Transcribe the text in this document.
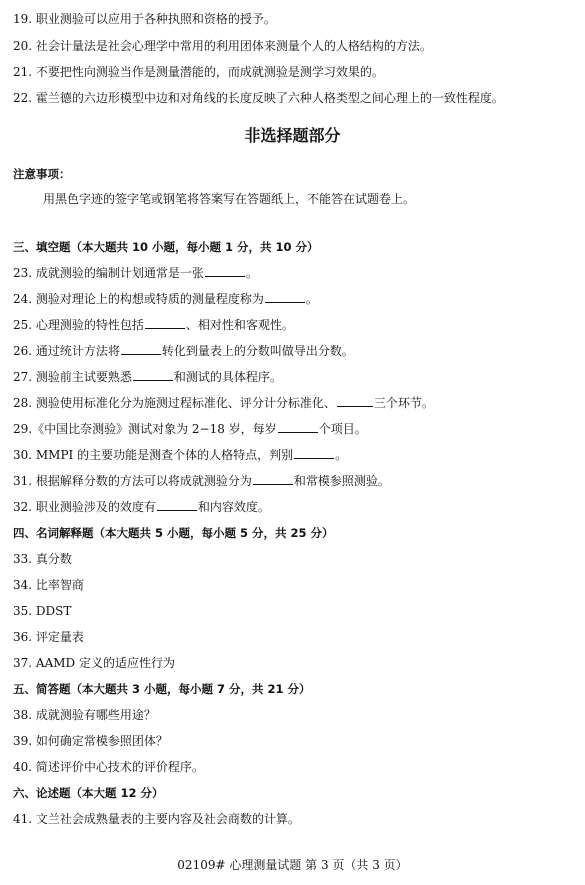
19. 职业测验可以应用于各种执照和资格的授予。
20. 社会计量法是社会心理学中常用的利用团体来测量个人的人格结构的方法。
21. 不要把性向测验当作是测量潜能的，而成就测验是测学习效果的。
22. 霍兰德的六边形模型中边和对角线的长度反映了六种人格类型之间心理上的一致性程度。
非选择题部分
注意事项：
用黑色字迹的签字笔或钢笔将答案写在答题纸上，不能答在试题卷上。
三、填空题（本大题共 10 小题，每小题 1 分，共 10 分）
23. 成就测验的编制计划通常是一张	。
24. 测验对理论上的构想或特质的测量程度称为	。
25. 心理测验的特性包括	、相对性和客观性。
26. 通过统计方法将	转化到量表上的分数叫做导出分数。
27. 测验前主试要熟悉	和测试的具体程序。
28. 测验使用标准化分为施测过程标准化、评分计分标准化、	三个环节。
29.《中国比奈测验》测试对象为 2−18 岁，每岁	个项目。
30. MMPI 的主要功能是测查个体的人格特点，判别	。
31. 根据解释分数的方法可以将成就测验分为	和常模参照测验。
32. 职业测验涉及的效度有	和内容效度。
四、名词解释题（本大题共 5 小题，每小题 5 分，共 25 分）
33. 真分数
34. 比率智商
35. DDST
36. 评定量表
37. AAMD 定义的适应性行为
五、简答题（本大题共 3 小题，每小题 7 分，共 21 分）
38. 成就测验有哪些用途？
39. 如何确定常模参照团体？
40. 简述评价中心技术的评价程序。
六、论述题（本大题 12 分）
41. 文兰社会成熟量表的主要内容及社会商数的计算。
02109# 心理测量试题 第 3 页（共 3 页）
